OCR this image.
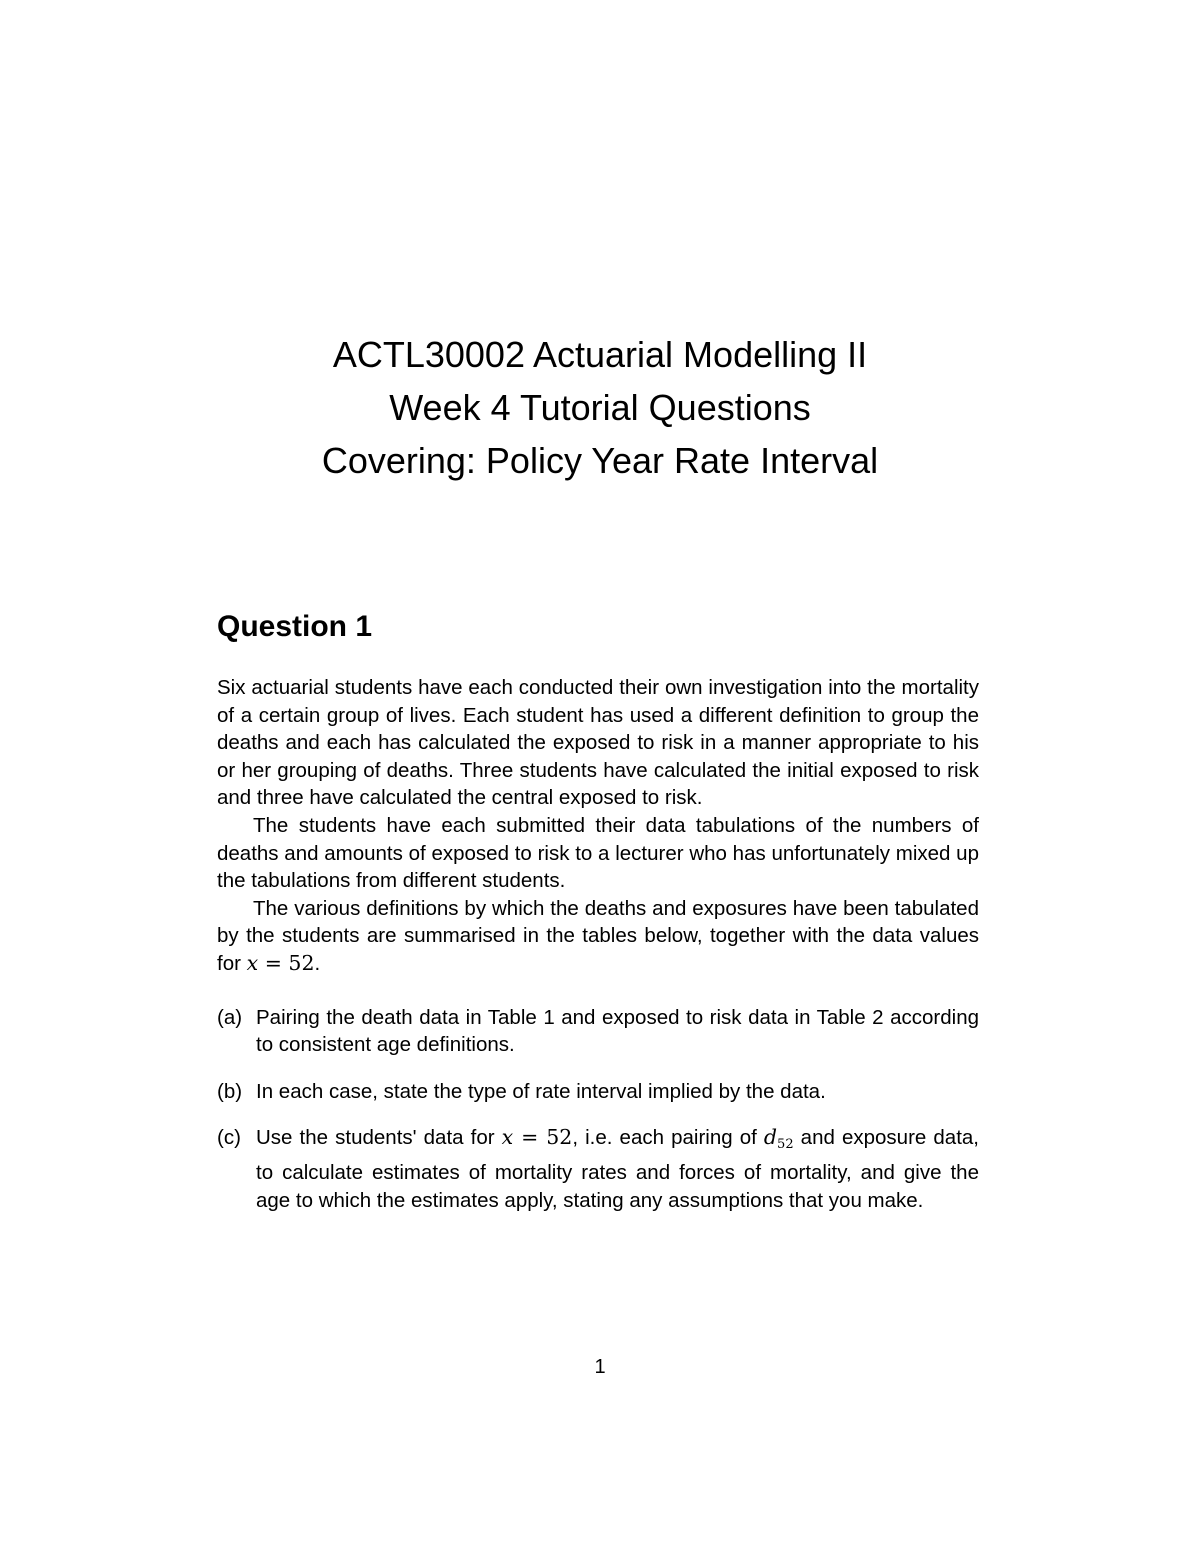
ACTL30002 Actuarial Modelling II
Week 4 Tutorial Questions
Covering: Policy Year Rate Interval
Question 1

Six actuarial students have each conducted their own investigation into the mortality of a certain group of lives. Each student has used a different definition to group the deaths and each has calculated the exposed to risk in a manner appropriate to his or her grouping of deaths. Three students have calculated the initial exposed to risk and three have calculated the central exposed to risk.

The students have each submitted their data tabulations of the numbers of deaths and amounts of exposed to risk to a lecturer who has unfortunately mixed up the tabulations from different students.

The various definitions by which the deaths and exposures have been tabulated by the students are summarised in the tables below, together with the data values for x = 52.

(a) Pairing the death data in Table 1 and exposed to risk data in Table 2 according to consistent age definitions.
(b) In each case, state the type of rate interval implied by the data.
(c) Use the students' data for x = 52, i.e. each pairing of $d_{52}$ and exposure data, to calculate estimates of mortality rates and forces of mortality, and give the age to which the estimates apply, stating any assumptions that you make.
1
